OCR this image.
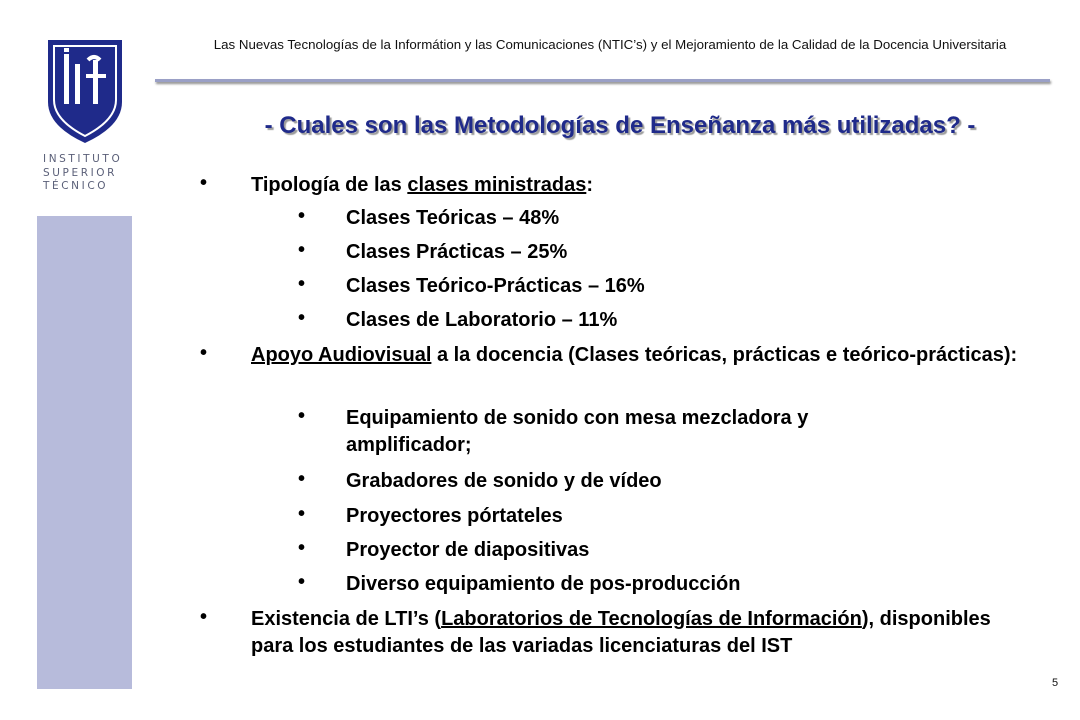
INSTITUTO
SUPERIOR
TÉCNICO
Las Nuevas Tecnologías de la Informátion y las Comunicaciones (NTIC’s) y el Mejoramiento de la Calidad de la Docencia Universitaria
- Cuales son las Metodologías de Enseñanza más utilizadas? -
• Tipología de las clases ministradas:
• Clases Teóricas – 48%
• Clases Prácticas – 25%
• Clases Teórico-Prácticas – 16%
• Clases de Laboratorio – 11%
• Apoyo Audiovisual a la docencia (Clases teóricas, prácticas e teórico-prácticas):
• Equipamiento de sonido con mesa mezcladora y amplificador;
• Grabadores de sonido y de vídeo
• Proyectores pórtateles
• Proyector de diapositivas
• Diverso equipamiento de pos-producción
• Existencia de LTI’s (Laboratorios de Tecnologías de Información), disponibles para los estudiantes de las variadas licenciaturas del IST
5
